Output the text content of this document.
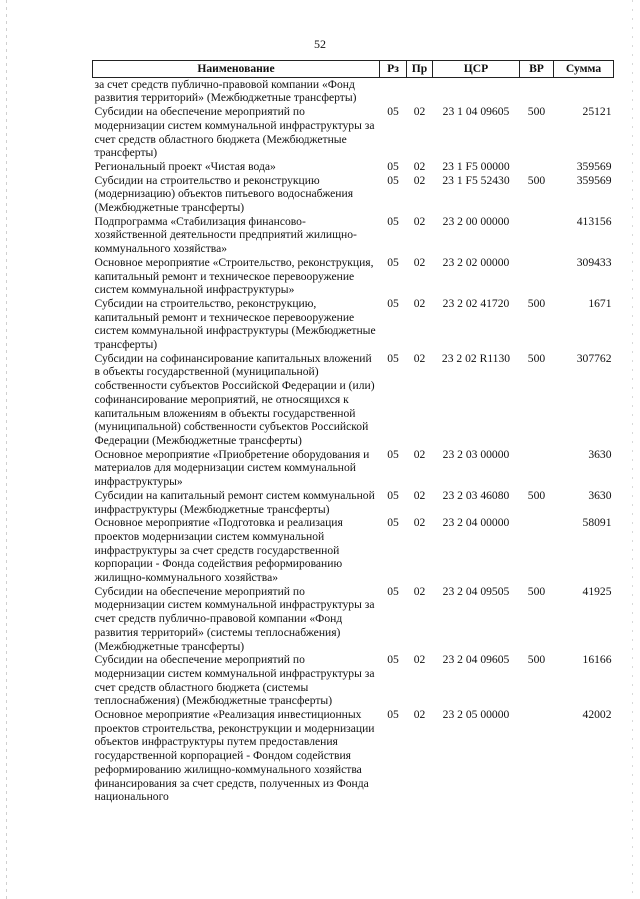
52
Наименование	Рз	Пр	ЦСР	ВР	Сумма
за счет средств публично-правовой компании «Фонд развития территорий» (Межбюджетные трансферты)					
Субсидии на обеспечение мероприятий по модернизации систем коммунальной инфраструктуры за счет средств областного бюджета (Межбюджетные трансферты)	05	02	23 1 04 09605	500	25121
Региональный проект «Чистая вода»	05	02	23 1 F5 00000		359569
Субсидии на строительство и реконструкцию (модернизацию) объектов питьевого водоснабжения (Межбюджетные трансферты)	05	02	23 1 F5 52430	500	359569
Подпрограмма «Стабилизация финансово-хозяйственной деятельности предприятий жилищно-коммунального хозяйства»	05	02	23 2 00 00000		413156
Основное мероприятие «Строительство, реконструкция, капитальный ремонт и техническое перевооружение систем коммунальной инфраструктуры»	05	02	23 2 02 00000		309433
Субсидии на строительство, реконструкцию, капитальный ремонт и техническое перевооружение систем коммунальной инфраструктуры (Межбюджетные трансферты)	05	02	23 2 02 41720	500	1671
Субсидии на софинансирование капитальных вложений в объекты государственной (муниципальной) собственности субъектов Российской Федерации и (или) софинансирование мероприятий, не относящихся к капитальным вложениям в объекты государственной (муниципальной) собственности субъектов Российской Федерации (Межбюджетные трансферты)	05	02	23 2 02 R1130	500	307762
Основное мероприятие «Приобретение оборудования и материалов для модернизации систем коммунальной инфраструктуры»	05	02	23 2 03 00000		3630
Субсидии на капитальный ремонт систем коммунальной инфраструктуры (Межбюджетные трансферты)	05	02	23 2 03 46080	500	3630
Основное мероприятие «Подготовка и реализация проектов модернизации систем коммунальной инфраструктуры за счет средств государственной корпорации - Фонда содействия реформированию жилищно-коммунального хозяйства»	05	02	23 2 04 00000		58091
Субсидии на обеспечение мероприятий по модернизации систем коммунальной инфраструктуры за счет средств публично-правовой компании «Фонд развития территорий» (системы теплоснабжения) (Межбюджетные трансферты)	05	02	23 2 04 09505	500	41925
Субсидии на обеспечение мероприятий по модернизации систем коммунальной инфраструктуры за счет средств областного бюджета (системы теплоснабжения) (Межбюджетные трансферты)	05	02	23 2 04 09605	500	16166
Основное мероприятие «Реализация инвестиционных проектов строительства, реконструкции и модернизации объектов инфраструктуры путем предоставления государственной корпорацией - Фондом содействия реформированию жилищно-коммунального хозяйства финансирования за счет средств, полученных из Фонда национального	05	02	23 2 05 00000		42002
